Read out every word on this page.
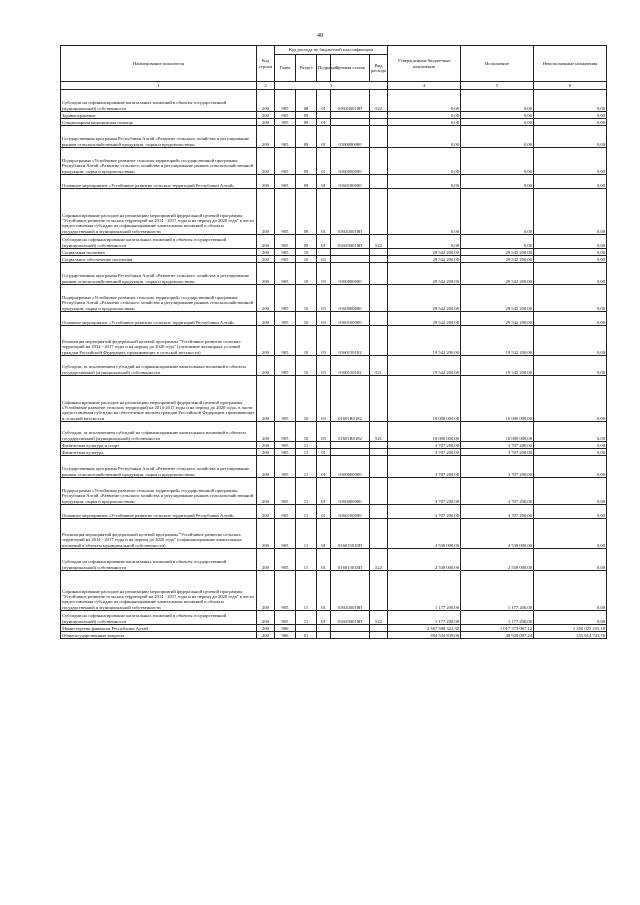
48
Наименование показателя	Код строки	Код расхода по бюджетной классификации					Утвержденные бюджетные назначения	Исполнение	Неисполненные назначения
		Глава	Раздел	Подраздел	Целевая статья	Вид расхода			
1	2	3					4	5	6
Субсидии на софинансирование капитальных вложений в объекты государственной (муниципальной) собственности	200	905	08	01	01601R018П	522	0,00	0,00	0,00
Здравоохранение	200	905	09				0,00	0,00	0,00
Стационарная медицинская помощь	200	905	09	01			0,00	0,00	0,00
Государственная программа Республики Алтай «Развитие сельского хозяйства и регулирование рынков сельскохозяйственной продукции, сырья и продовольствия»	200	905	09	01	0100000000		0,00	0,00	0,00
Подпрограмма «Устойчивое развитие сельских территорий» государственной программы Республики Алтай «Развитие сельского хозяйства и регулирование рынков сельскохозяйственной продукции, сырья и продовольствия»	200	905	09	01	0160000000		0,00	0,00	0,00
Основное мероприятие «Устойчивое развитие сельских территорий Республики Алтай»	200	905	09	01	0160100000		0,00	0,00	0,00
Софинансирование расходов на реализацию мероприятий федеральной целевой программы "Устойчивое развитие сельских территорий на 2014 - 2017 годы и на период до 2020 года" в части предоставления субсидии на софинансирование капитальных вложений в объекты государственной и муниципальной собственности	200	905	09	01	01601R018П		0,00	0,00	0,00
Субсидии на софинансирование капитальных вложений в объекты государственной (муниципальной) собственности	200	905	09	01	01601R018П	522	0,00	0,00	0,00
Социальная политика	200	905	10				29 542 200,00	29 542 200,00	0,00
Социальное обеспечение населения	200	905	10	03			29 542 200,00	29 542 200,00	0,00
Государственная программа Республики Алтай «Развитие сельского хозяйства и регулирование рынков сельскохозяйственной продукции, сырья и продовольствия»	200	905	10	03	0100000000		29 542 200,00	29 542 200,00	0,00
Подпрограмма «Устойчивое развитие сельских территорий» государственной программы Республики Алтай «Развитие сельского хозяйства и регулирование рынков сельскохозяйственной продукции, сырья и продовольствия»	200	905	10	03	0160000000		29 542 200,00	29 542 200,00	0,00
Основное мероприятие «Устойчивое развитие сельских территорий Республики Алтай»	200	905	10	03	0160100000		29 542 200,00	29 542 200,00	0,00
Реализация мероприятий федеральной целевой программы "Устойчивое развитие сельских территорий на 2014 - 2017 годы и на период до 2020 года" (улучшение жилищных условий граждан Российской Федерации, проживающих в сельской местности)	200	905	10	03	0160150182		19 542 200,00	19 542 200,00	0,00
Субсидии, за исключением субсидий на софинансирование капитальных вложений в объекты государственной (муниципальной) собственности	200	905	10	03	0160150182	521	19 542 200,00	19 542 200,00	0,00
Софинансирование расходов на реализацию мероприятий федеральной целевой программы «Устойчивое развитие сельских территорий на 2014-2017 годы и на период до 2020 года» в части предоставления субсидии на обеспечение жильем граждан Российской Федерации, проживающих в сельской местности	200	905	10	03	01601R0182		10 000 000,00	10 000 000,00	0,00
Субсидии, за исключением субсидий на софинансирование капитальных вложений в объекты государственной (муниципальной) собственности	200	905	10	03	01601R0182	521	10 000 000,00	10 000 000,00	0,00
Физическая культура и спорт	200	905	11				3 707 200,00	3 707 200,00	0,00
Физическая культура	200	905	11	01			3 707 200,00	3 707 200,00	0,00
Государственная программа Республики Алтай «Развитие сельского хозяйства и регулирование рынков сельскохозяйственной продукции, сырья и продовольствия»	200	905	11	01	0100000000		3 707 200,00	3 707 200,00	0,00
Подпрограмма «Устойчивое развитие сельских территорий» государственной программы Республики Алтай «Развитие сельского хозяйства и регулирование рынков сельскохозяйственной продукции, сырья и продовольствия»	200	905	11	01	0160000000		3 707 200,00	3 707 200,00	0,00
Основное мероприятие «Устойчивое развитие сельских территорий Республики Алтай»	200	905	11	01	0160100000		3 707 200,00	3 707 200,00	0,00
Реализация мероприятий федеральной целевой программы "Устойчивое развитие сельских территорий на 2014 - 2017 годы и на период до 2020 года" (софинансирование капитальных вложений в объекты муниципальной собственности)	200	905	11	01	016015018П		2 530 000,00	2 530 000,00	0,00
Субсидии на софинансирование капитальных вложений в объекты государственной (муниципальной) собственности	200	905	11	01	016015018П	522	2 530 000,00	2 530 000,00	0,00
Софинансирование расходов на реализацию мероприятий федеральной целевой программы "Устойчивое развитие сельских территорий на 2014 - 2017 годы и на период до 2020 года" в части предоставления субсидии на софинансирование капитальных вложений в объекты государственной и муниципальной собственности	200	905	11	01	01601R018П		1 177 200,00	1 177 200,00	0,00
Субсидии на софинансирование капитальных вложений в объекты государственной (муниципальной) собственности	200	905	11	01	01601R018П	522	1 177 200,00	1 177 200,00	0,00
Министерство финансов Республики Алтай	200	906					2 367 598 322,30	1 017 573 067,12	1 350 025 255,18
Общегосударственные вопросы	200	906	01				394 534 839,00	38 920 097,24	355 614 741,76
